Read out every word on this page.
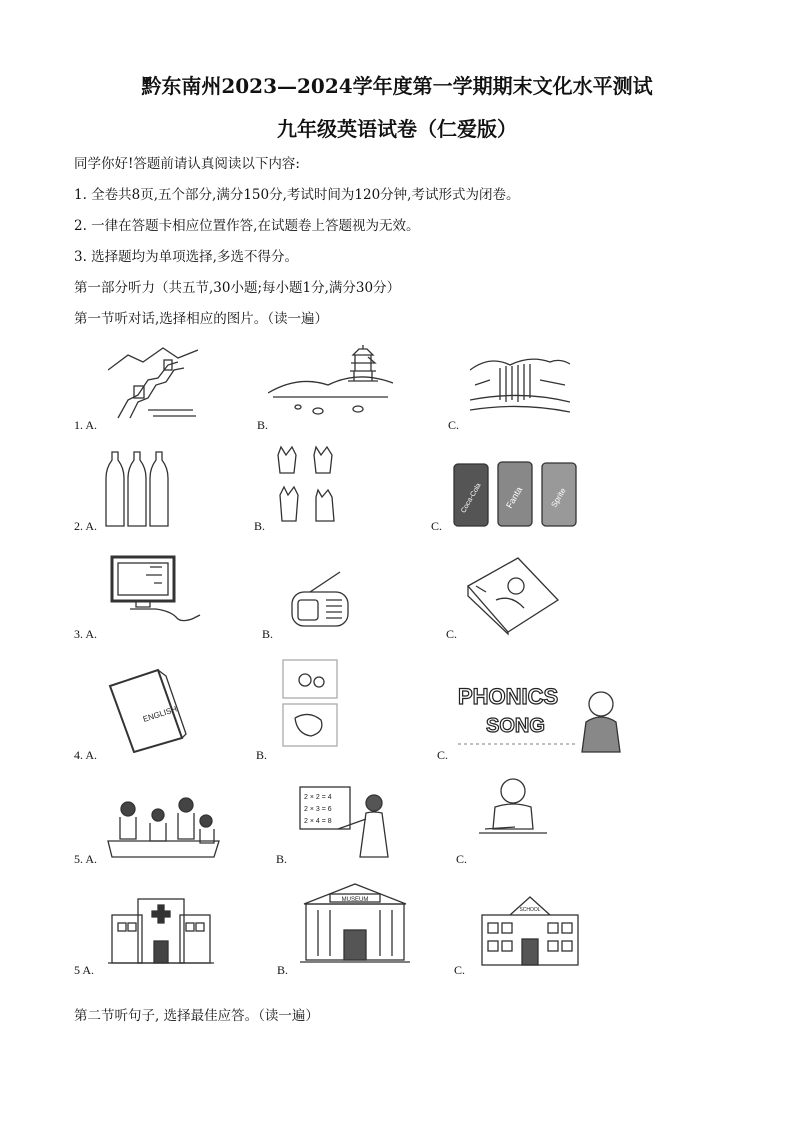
黔东南州2023—2024学年度第一学期期末文化水平测试
九年级英语试卷（仁爱版）
同学你好!答题前请认真阅读以下内容:
1. 全卷共8页,五个部分,满分150分,考试时间为120分钟,考试形式为闭卷。
2. 一律在答题卡相应位置作答,在试题卷上答题视为无效。
3. 选择题均为单项选择,多选不得分。
第一部分听力（共五节,30小题;每小题1分,满分30分）
第一节听对话,选择相应的图片。（读一遍）
1. A.	B.	C.
2. A.	B.	C.
Coca-Cola Fanta	Sprite
3. A.	B.	C.
4. A.	B.	C.
ENGLISH
PHONICS
SONG
5. A.	B.	C.
2 × 2 = 4
2 × 3 = 6
2 × 4 = 8
5 A.	B.	C.
MUSEUM
SCHOOL
第二节听句子, 选择最佳应答。（读一遍）
